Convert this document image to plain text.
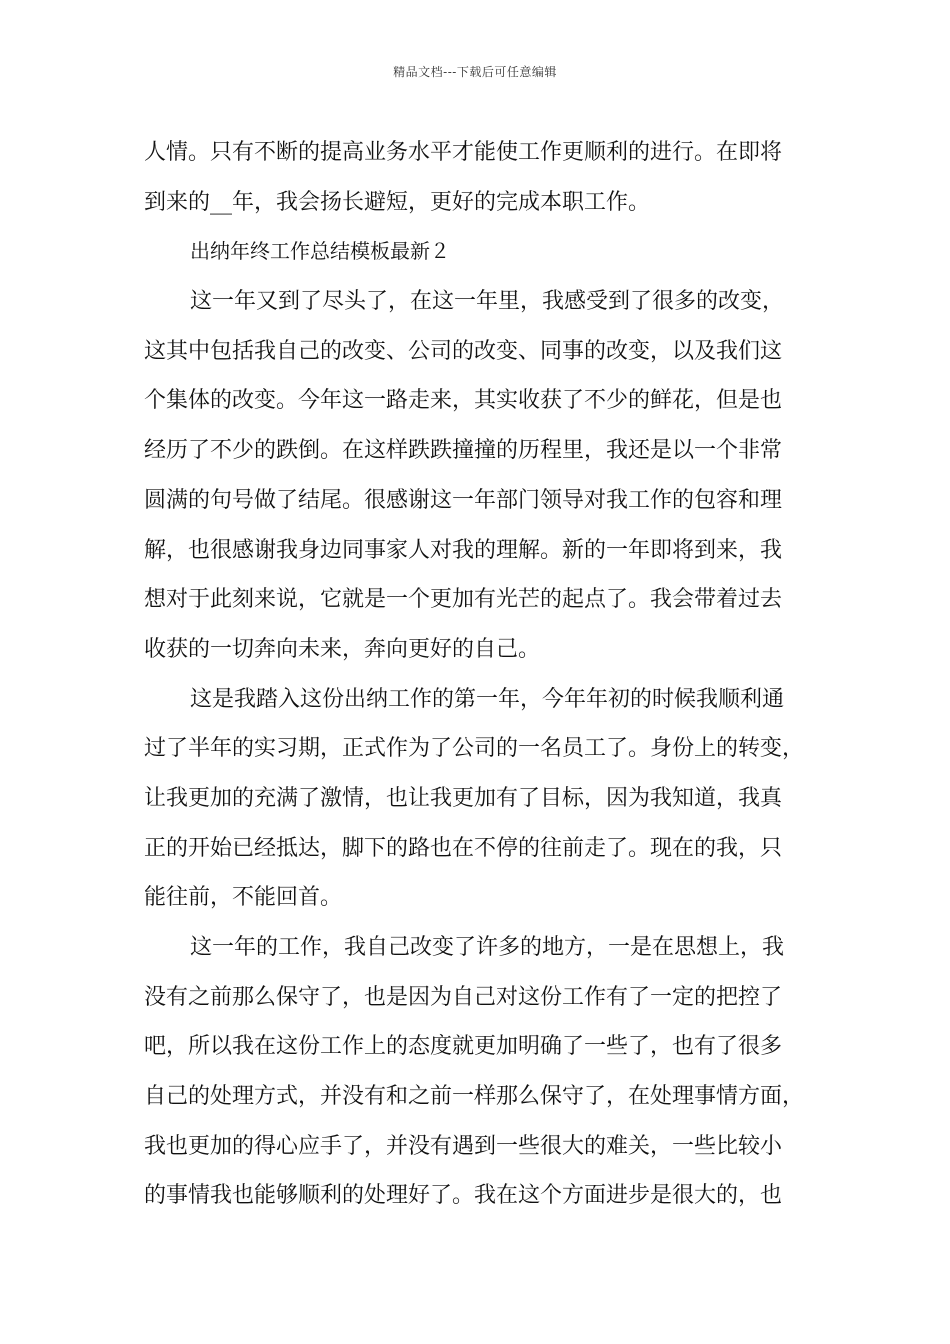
精品文档---下载后可任意编辑
人情。只有不断的提高业务水平才能使工作更顺利的进行。在即将
到来的__年，我会扬长避短，更好的完成本职工作。
出纳年终工作总结模板最新２
这一年又到了尽头了，在这一年里，我感受到了很多的改变，
这其中包括我自己的改变、公司的改变、同事的改变，以及我们这
个集体的改变。今年这一路走来，其实收获了不少的鲜花，但是也
经历了不少的跌倒。在这样跌跌撞撞的历程里，我还是以一个非常
圆满的句号做了结尾。很感谢这一年部门领导对我工作的包容和理
解，也很感谢我身边同事家人对我的理解。新的一年即将到来，我
想对于此刻来说，它就是一个更加有光芒的起点了。我会带着过去
收获的一切奔向未来，奔向更好的自己。
这是我踏入这份出纳工作的第一年，今年年初的时候我顺利通
过了半年的实习期，正式作为了公司的一名员工了。身份上的转变，
让我更加的充满了激情，也让我更加有了目标，因为我知道，我真
正的开始已经抵达，脚下的路也在不停的往前走了。现在的我，只
能往前，不能回首。
这一年的工作，我自己改变了许多的地方，一是在思想上，我
没有之前那么保守了，也是因为自己对这份工作有了一定的把控了
吧，所以我在这份工作上的态度就更加明确了一些了，也有了很多
自己的处理方式，并没有和之前一样那么保守了，在处理事情方面，
我也更加的得心应手了，并没有遇到一些很大的难关，一些比较小
的事情我也能够顺利的处理好了。我在这个方面进步是很大的，也
